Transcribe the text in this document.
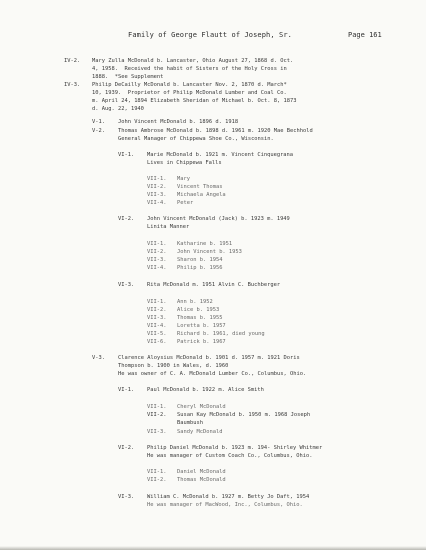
Family of George Flautt of Joseph, Sr.	Page 161
IV-2. Mary Zulla McDonald b. Lancaster, Ohio August 27, 1868 d. Oct.
4, 1958.  Received the habit of Sisters of the Holy Cross in
1888.  *See Supplement
IV-3. Philip DeCailly McDonald b. Lancaster Nov. 2, 1870 d. March*
10, 1939.  Proprietor of Philip McDonald Lumber and Coal Co.
m. April 24, 1894 Elizabeth Sheridan of Michael b. Oct. 8, 1873
d. Aug. 22, 1940
V-1. John Vincent McDonald b. 1896 d. 1918
V-2. Thomas Ambrose McDonald b. 1898 d. 1961 m. 1920 Mae Bechhold
General Manager of Chippewa Shoe Co., Wisconsin.
VI-1. Marie McDonald b. 1921 m. Vincent Cinquegrana
Lives in Chippewa Falls
VII-1. Mary
VII-2. Vincent Thomas
VII-3. Michaela Angela
VII-4. Peter
VI-2. John Vincent McDonald (Jack) b. 1923 m. 1949
Linita Manner
VII-1. Katharine b. 1951
VII-2. John Vincent b. 1953
VII-3. Sharon b. 1954
VII-4. Philip b. 1956
VI-3. Rita McDonald m. 1951 Alvin C. Buchberger
VII-1. Ann b. 1952
VII-2. Alice b. 1953
VII-3. Thomas b. 1955
VII-4. Loretta b. 1957
VII-5. Richard b. 1961, died young
VII-6. Patrick b. 1967
V-3. Clarence Aloysius McDonald b. 1901 d. 1957 m. 1921 Doris
Thompson b. 1900 in Wales, d. 1960
He was owner of C. A. McDonald Lumber Co., Columbus, Ohio.
VI-1. Paul McDonald b. 1922 m. Alice Smith
VII-1. Cheryl McDonald
VII-2. Susan Kay McDonald b. 1950 m. 1968 Joseph
Baumbush
VII-3. Sandy McDonald
VI-2. Philip Daniel McDonald b. 1923 m. 194- Shirley Whitmer
He was manager of Custom Coach Co., Columbus, Ohio.
VII-1. Daniel McDonald
VII-2. Thomas McDonald
VI-3. William C. McDonald b. 1927 m. Betty Jo Daft, 1954
He was manager of MacWood, Inc., Columbus, Ohio.
